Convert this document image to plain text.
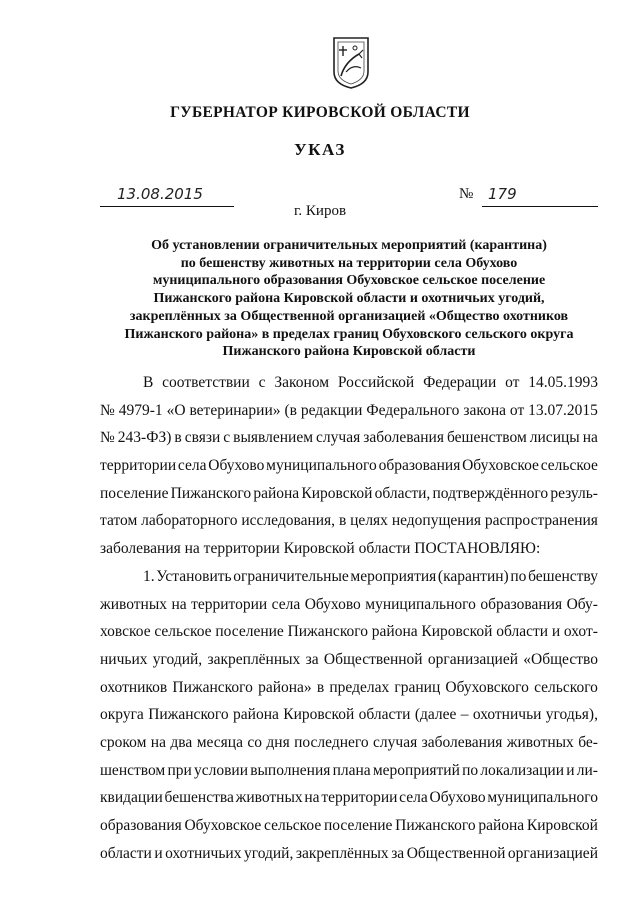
ГУБЕРНАТОР КИРОВСКОЙ ОБЛАСТИ
УКАЗ
13.08.2015	№ 179
г. Киров
Об установлении ограничительных мероприятий (карантина)
по бешенству животных на территории села Обухово
муниципального образования Обуховское сельское поселение
Пижанского района Кировской области и охотничьих угодий,
закреплённых за Общественной организацией «Общество охотников
Пижанского района» в пределах границ Обуховского сельского округа
Пижанского района Кировской области
В соответствии с Законом Российской Федерации от 14.05.1993
№ 4979-1 «О ветеринарии» (в редакции Федерального закона от 13.07.2015
№ 243-ФЗ) в связи с выявлением случая заболевания бешенством лисицы на
территории села Обухово муниципального образования Обуховское сельское
поселение Пижанского района Кировской области, подтверждённого резуль-
татом лабораторного исследования, в целях недопущения распространения
заболевания на территории Кировской области ПОСТАНОВЛЯЮ:
1. Установить ограничительные мероприятия (карантин) по бешенству
животных на территории села Обухово муниципального образования Обу-
ховское сельское поселение Пижанского района Кировской области и охот-
ничьих угодий, закреплённых за Общественной организацией «Общество
охотников Пижанского района» в пределах границ Обуховского сельского
округа Пижанского района Кировской области (далее – охотничьи угодья),
сроком на два месяца со дня последнего случая заболевания животных бе-
шенством при условии выполнения плана мероприятий по локализации и ли-
квидации бешенства животных на территории села Обухово муниципального
образования Обуховское сельское поселение Пижанского района Кировской
области и охотничьих угодий, закреплённых за Общественной организацией
